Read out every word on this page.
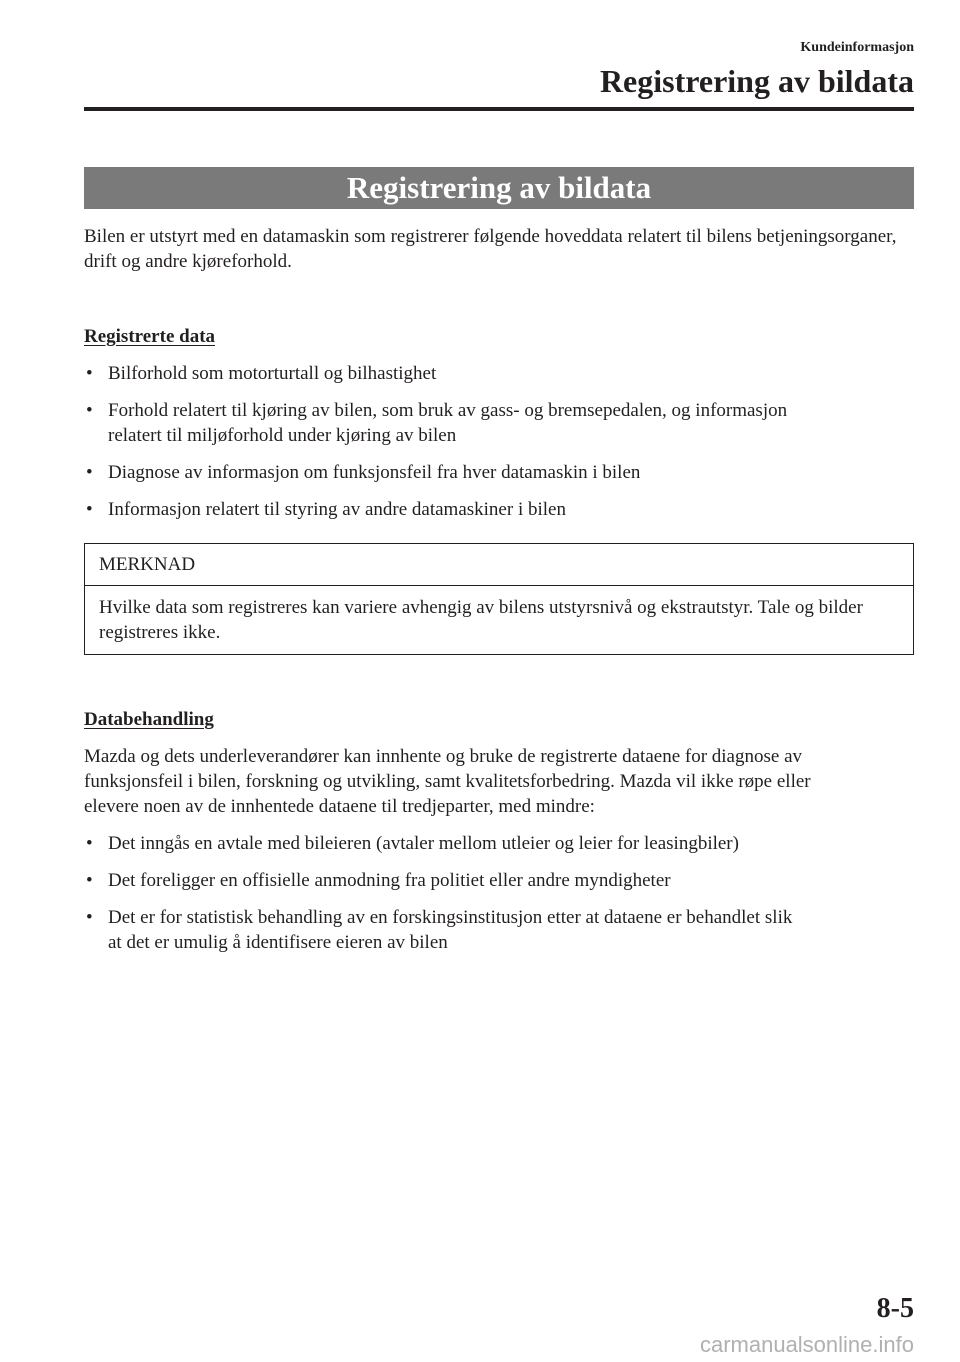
Kundeinformasjon
Registrering av bildata
Registrering av bildata

Bilen er utstyrt med en datamaskin som registrerer følgende hoveddata relatert til bilens betjeningsorganer, drift og andre kjøreforhold.

Registrerte data

• Bilforhold som motorturtall og bilhastighet
• Forhold relatert til kjøring av bilen, som bruk av gass- og bremsepedalen, og informasjon relatert til miljøforhold under kjøring av bilen
• Diagnose av informasjon om funksjonsfeil fra hver datamaskin i bilen
• Informasjon relatert til styring av andre datamaskiner i bilen
MERKNAD
Hvilke data som registreres kan variere avhengig av bilens utstyrsnivå og ekstrautstyr. Tale og bilder registreres ikke.

Databehandling

Mazda og dets underleverandører kan innhente og bruke de registrerte dataene for diagnose av funksjonsfeil i bilen, forskning og utvikling, samt kvalitetsforbedring. Mazda vil ikke røpe eller elevere noen av de innhentede dataene til tredjeparter, med mindre:

• Det inngås en avtale med bileieren (avtaler mellom utleier og leier for leasingbiler)
• Det foreligger en offisielle anmodning fra politiet eller andre myndigheter
• Det er for statistisk behandling av en forskingsinstitusjon etter at dataene er behandlet slik at det er umulig å identifisere eieren av bilen
8-5
carmanualsonline.info
